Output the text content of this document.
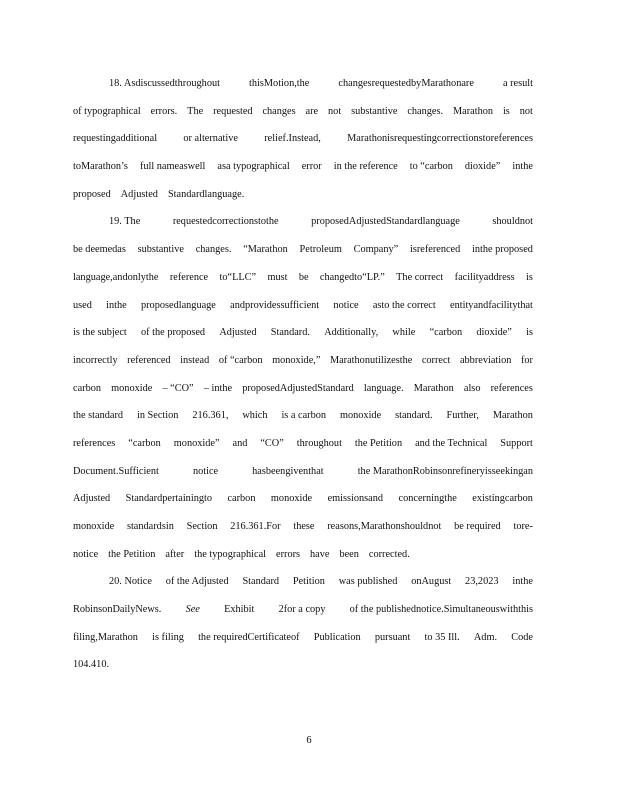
18. Asdiscussedthroughout	thisMotion,the	changesrequestedbyMarathonare	a result
of typographical errors. The requested changes are not substantive changes. Marathon is not
requestingadditional	or alternative	relief.Instead,	Marathonisrequestingcorrectionstoreferences
toMarathon’s full nameaswell asa typographical error in the reference to “carbon dioxide” inthe
proposed Adjusted Standardlanguage.
19. The	requestedcorrectionstothe	proposedAdjustedStandardlanguage	shouldnot
be deemedas substantive changes. “Marathon Petroleum Company” isreferenced inthe proposed
language,andonlythe reference to“LLC” must be changedto“LP.” The correct facilityaddress is
used inthe proposedlanguage andprovidessufficient notice asto the correct entityandfacilitythat
is the subject of the proposed Adjusted Standard. Additionally, while “carbon dioxide” is
incorrectly referenced instead of “carbon monoxide,” Marathonutilizesthe correct abbreviation for
carbon monoxide – “CO” – inthe proposedAdjustedStandard language. Marathon also references
the standard in Section 216.361, which is a carbon monoxide standard. Further, Marathon
references “carbon monoxide” and “CO” throughout the Petition and the Technical Support
Document.Sufficient	notice	hasbeengiventhat	the MarathonRobinsonrefineryisseekingan
Adjusted Standardpertainingto carbon monoxide emissionsand concerningthe existingcarbon
monoxide standardsin Section 216.361.For these reasons,Marathonshouldnot be required tore-
notice the Petition after the typographical errors have been corrected.
20. Notice of the Adjusted Standard Petition was published onAugust 23,2023 inthe
RobinsonDailyNews. See Exhibit 2for a copy of the publishednotice.Simultaneouswiththis
filing,Marathon is filing the requiredCertificateof Publication pursuant to 35 Ill. Adm. Code
104.410.
6
